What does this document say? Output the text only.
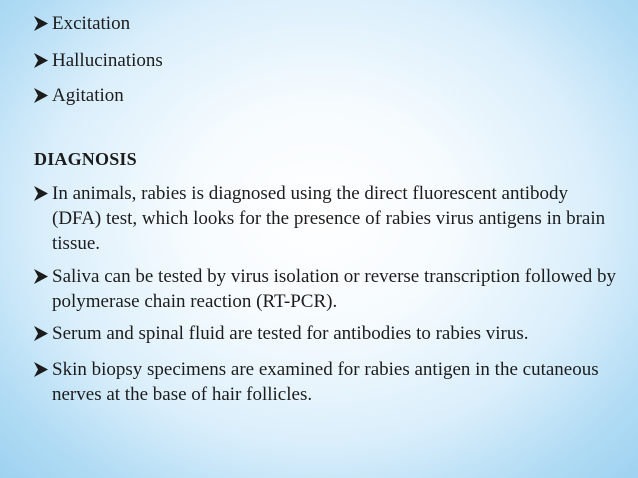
Excitation
Hallucinations
Agitation
DIAGNOSIS
In animals, rabies is diagnosed using the direct fluorescent antibody (DFA) test, which looks for the presence of rabies virus antigens in brain tissue.
Saliva can be tested by virus isolation or reverse transcription followed by polymerase chain reaction (RT-PCR).
Serum and spinal fluid are tested for antibodies to rabies virus.
Skin biopsy specimens are examined for rabies antigen in the cutaneous nerves at the base of hair follicles.
